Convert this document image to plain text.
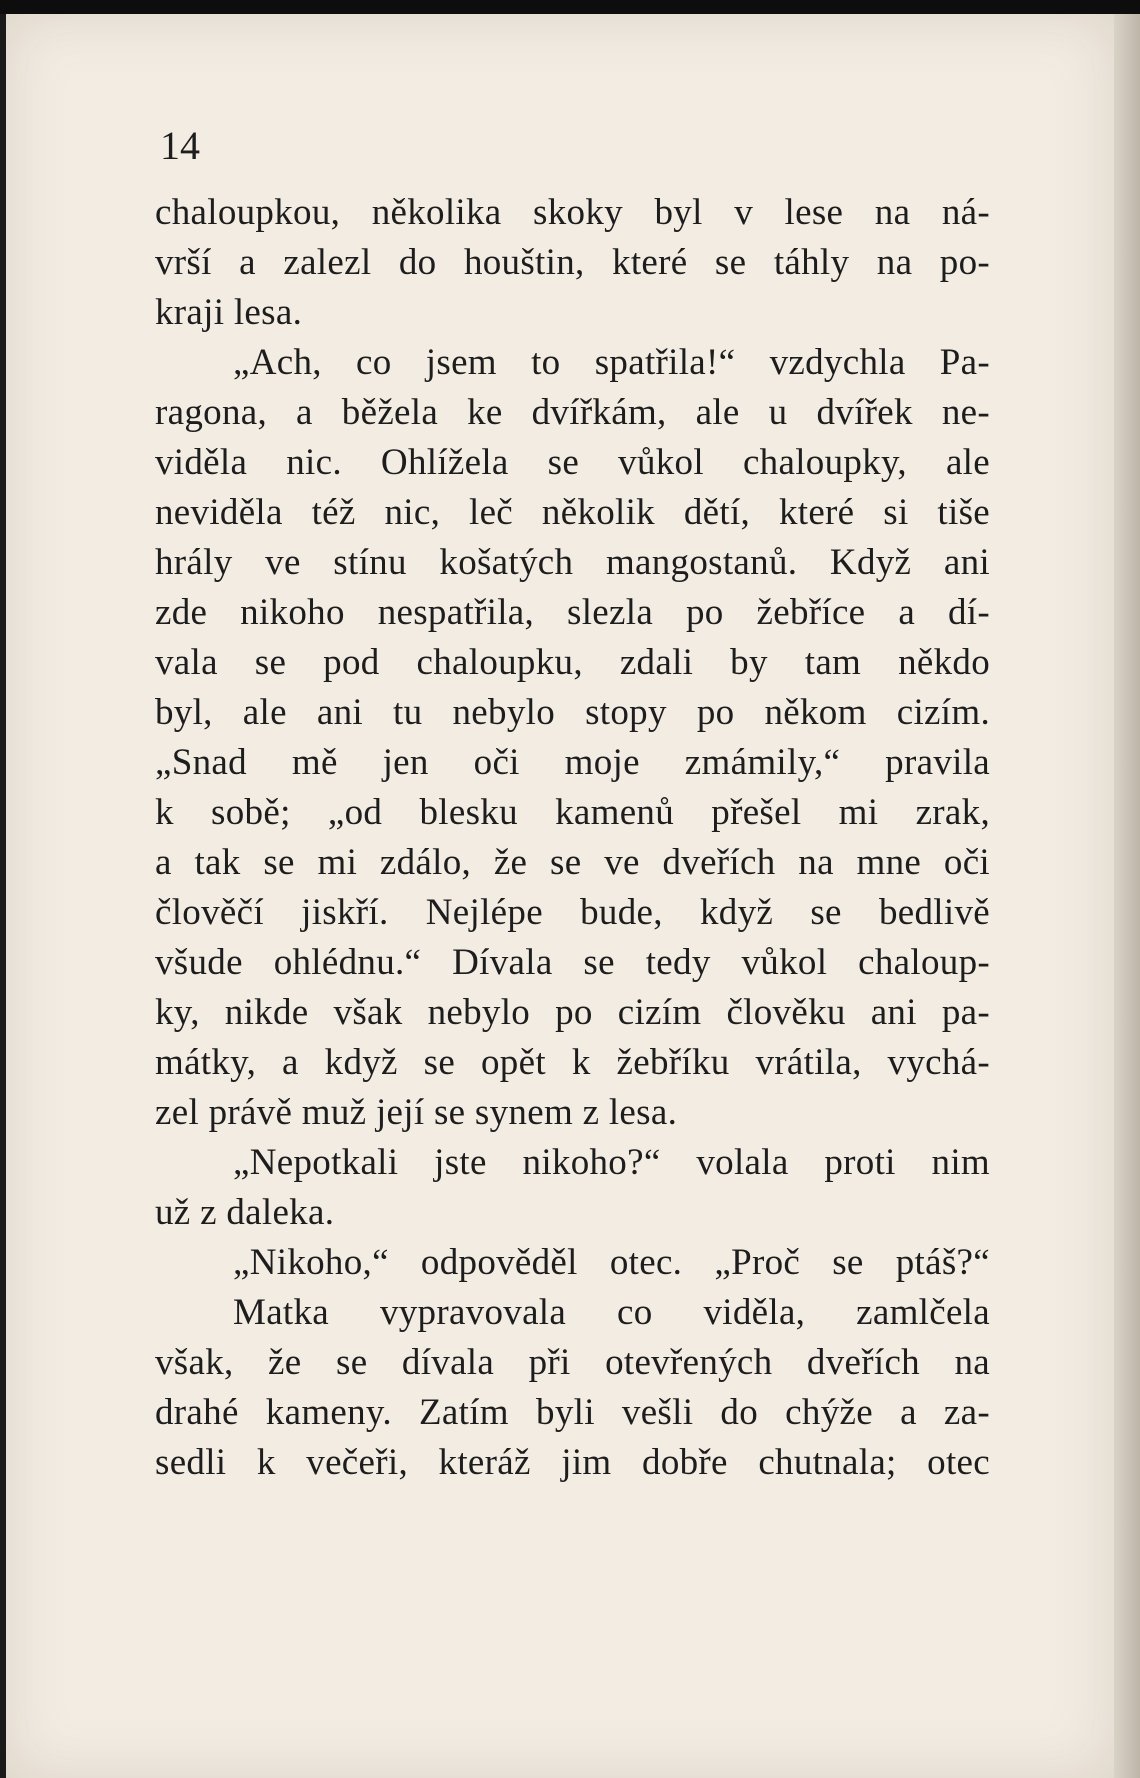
14

chaloupkou, několika skoky byl v lese na ná-
vrší a zalezl do houštin, které se táhly na po-
kraji lesa.
„Ach, co jsem to spatřila!“ vzdychla Pa-
ragona, a běžela ke dvířkám, ale u dvířek ne-
viděla nic. Ohlížela se vůkol chaloupky, ale
neviděla též nic, leč několik dětí, které si tiše
hrály ve stínu košatých mangostanů. Když ani
zde nikoho nespatřila, slezla po žebříce a dí-
vala se pod chaloupku, zdali by tam někdo
byl, ale ani tu nebylo stopy po někom cizím.
„Snad mě jen oči moje zmámily,“ pravila
k sobě; „od blesku kamenů přešel mi zrak,
a tak se mi zdálo, že se ve dveřích na mne oči
člověčí jiskří. Nejlépe bude, když se bedlivě
všude ohlédnu.“ Dívala se tedy vůkol chaloup-
ky, nikde však nebylo po cizím člověku ani pa-
mátky, a když se opět k žebříku vrátila, vychá-
zel právě muž její se synem z lesa.
„Nepotkali jste nikoho?“ volala proti nim
už z daleka.
„Nikoho,“ odpověděl otec. „Proč se ptáš?“
Matka vypravovala co viděla, zamlčela
však, že se dívala při otevřených dveřích na
drahé kameny. Zatím byli vešli do chýže a za-
sedli k večeři, kteráž jim dobře chutnala; otec
